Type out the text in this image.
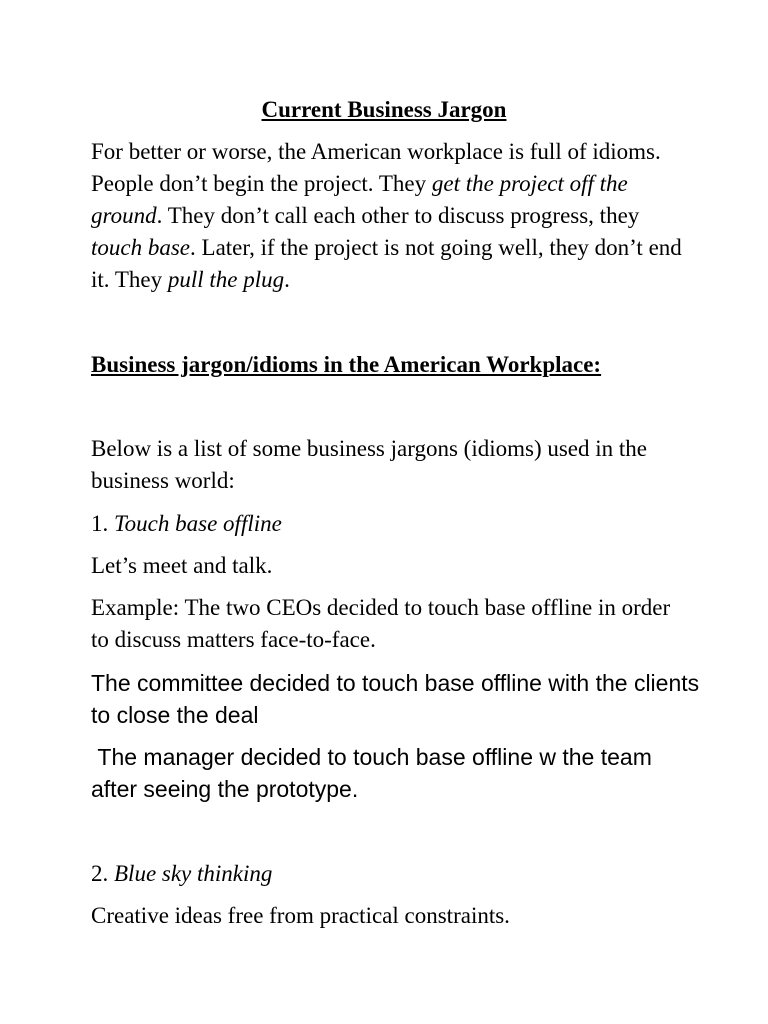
Current Business Jargon

For better or worse, the American workplace is full of idioms. People don’t begin the project. They get the project off the ground. They don’t call each other to discuss progress, they touch base. Later, if the project is not going well, they don’t end it. They pull the plug.

Business jargon/idioms in the American Workplace:

Below is a list of some business jargons (idioms) used in the business world:

1. Touch base offline

Let’s meet and talk.

Example: The two CEOs decided to touch base offline in order to discuss matters face-to-face.

The committee decided to touch base offline with the clients to close the deal

The manager decided to touch base offline w the team after seeing the prototype.

2. Blue sky thinking

Creative ideas free from practical constraints.
